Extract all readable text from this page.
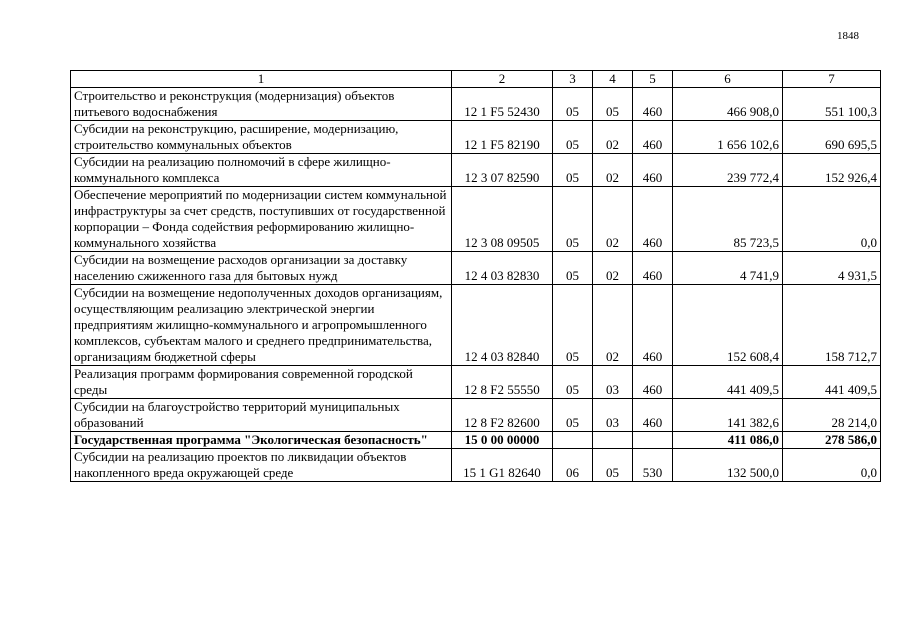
1848
1	2	3	4	5	6	7
Строительство и реконструкция (модернизация) объектов питьевого водоснабжения	12 1 F5 52430	05	05	460	466 908,0	551 100,3
Субсидии на реконструкцию, расширение, модернизацию, строительство коммунальных объектов	12 1 F5 82190	05	02	460	1 656 102,6	690 695,5
Субсидии на реализацию полномочий в сфере жилищно-коммунального комплекса	12 3 07 82590	05	02	460	239 772,4	152 926,4
Обеспечение мероприятий по модернизации систем коммунальной инфраструктуры за счет средств, поступивших от государственной корпорации – Фонда содействия реформированию жилищно-коммунального хозяйства	12 3 08 09505	05	02	460	85 723,5	0,0
Субсидии на возмещение расходов организации за доставку населению сжиженного газа для бытовых нужд	12 4 03 82830	05	02	460	4 741,9	4 931,5
Субсидии на возмещение недополученных доходов организациям, осуществляющим реализацию электрической энергии предприятиям жилищно-коммунального и агропромышленного комплексов, субъектам малого и среднего предпринимательства, организациям бюджетной сферы	12 4 03 82840	05	02	460	152 608,4	158 712,7
Реализация программ формирования современной городской среды	12 8 F2 55550	05	03	460	441 409,5	441 409,5
Субсидии на благоустройство территорий муниципальных образований	12 8 F2 82600	05	03	460	141 382,6	28 214,0
Государственная программа "Экологическая безопасность"	15 0 00 00000				411 086,0	278 586,0
Субсидии на реализацию проектов по ликвидации объектов накопленного вреда окружающей среде	15 1 G1 82640	06	05	530	132 500,0	0,0
